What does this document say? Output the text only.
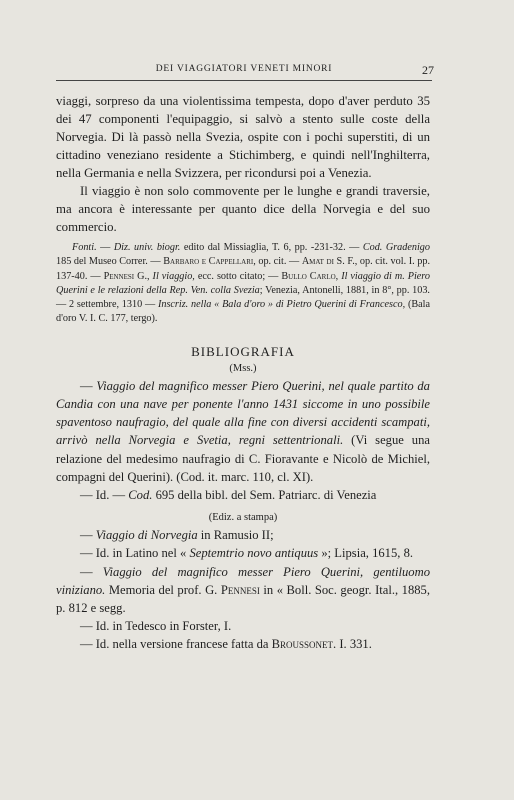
DEI VIAGGIATORI VENETI MINORI	27

viaggi, sorpreso da una violentissima tempesta, dopo d'aver perduto 35 dei 47 componenti l'equipaggio, si salvò a stento sulle coste della Norvegia. Di là passò nella Svezia, ospite con i pochi superstiti, di un cittadino veneziano residente a Stichimberg, e quindi nell'Inghilterra, nella Germania e nella Svizzera, per ricondursi poi a Venezia.

Il viaggio è non solo commovente per le lunghe e grandi traversie, ma ancora è interessante per quanto dice della Norvegia e del suo commercio.

Fonti. — Diz. univ. biogr. edito dal Missiaglia, T. 6, pp. -231-32. — Cod. Gradenigo 185 del Museo Correr. — Barbaro e Cappellari, op. cit. — Amat di S. F., op. cit. vol. I. pp. 137-40. — Pennesi G., Il viaggio, ecc. sotto citato; — Bullo Carlo, Il viaggio di m. Piero Querini e le relazioni della Rep. Ven. colla Svezia; Venezia, Antonelli, 1881, in 8°, pp. 103. — 2 settembre, 1310 — Inscriz. nella « Bala d'oro » di Pietro Querini di Francesco, (Bala d'oro V. I. C. 177, tergo).
BIBLIOGRAFIA
(Mss.)

— Viaggio del magnifico messer Piero Querini, nel quale partito da Candia con una nave per ponente l'anno 1431 siccome in uno possibile spaventoso naufragio, del quale alla fine con diversi accidenti scampati, arrivò nella Norvegia e Svetia, regni settentrionali. (Vi segue una relazione del medesimo naufragio di C. Fioravante e Nicolò de Michiel, compagni del Querini). (Cod. it. marc. 110, cl. XI).

— Id. — Cod. 695 della bibl. del Sem. Patriarc. di Venezia

(Ediz. a stampa)

— Viaggio di Norvegia in Ramusio II;

— Id. in Latino nel « Septemtrio novo antiquus »; Lipsia, 1615, 8.

— Viaggio del magnifico messer Piero Querini, gentiluomo viniziano. Memoria del prof. G. Pennesi in « Boll. Soc. geogr. Ital., 1885, p. 812 e segg.

— Id. in Tedesco in Forster, I.

— Id. nella versione francese fatta da Broussonet. I. 331.
